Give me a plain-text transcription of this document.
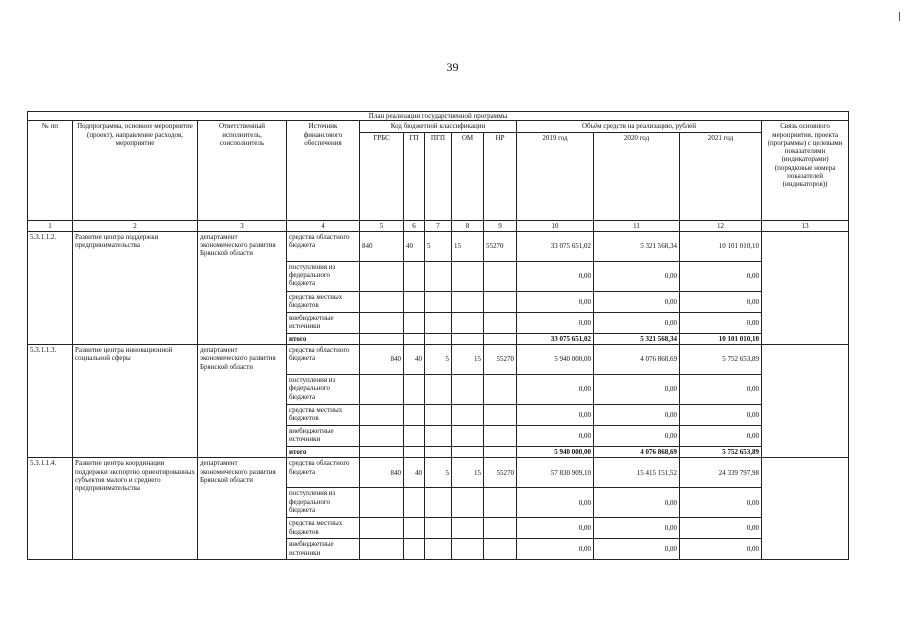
39
План реализации государственной программы												
№ пп	Подпрограмма, основное мероприятие (проект), направление расходов, мероприятие	Ответственный исполнитель, соисполнитель	Источник финансового обеспечения	Код бюджетной классификации					Объём средств на реализацию, рублей			Связь основного мероприятия, проекта (программы) с целевыми показателями (индикаторами) (порядковые номера показателей (индикаторов))
				ГРБС	ГП	ПГП	ОМ	НР	2019 год	2020 год	2021 год	
1	2	3	4	5	6	7	8	9	10	11	12	13
5.3.1.1.2.	Развитие центра поддержки предпринимательства	департамент экономического развития Брянской области	средства областного бюджета	840	40	5	15	55270	33 075 651,02	5 321 568,34	10 101 010,10	
			поступления из федерального бюджета						0,00	0,00	0,00	
			средства местных бюджетов						0,00	0,00	0,00	
			внебюджетные источники						0,00	0,00	0,00	
			итого						33 075 651,02	5 321 568,34	10 101 010,10	
5.3.1.1.3.	Развитие центра инновационной социальной сферы	департамент экономического развития Брянской области	средства областного бюджета	840	40	5	15	55270	5 940 000,00	4 076 868,69	5 752 653,89	
			поступления из федерального бюджета						0,00	0,00	0,00	
			средства местных бюджетов						0,00	0,00	0,00	
			внебюджетные источники						0,00	0,00	0,00	
			итого						5 940 000,00	4 076 868,69	5 752 653,89	
5.3.1.1.4.	Развитие центра координации поддержки экспортно ориентированных субъектов малого и среднего предпринимательства	департамент экономического развития Брянской области	средства областного бюджета	840	40	5	15	55270	57 830 909,10	15 415 151,52	24 339 797,98	
			поступления из федерального бюджета						0,00	0,00	0,00	
			средства местных бюджетов						0,00	0,00	0,00	
			внебюджетные источники						0,00	0,00	0,00	
